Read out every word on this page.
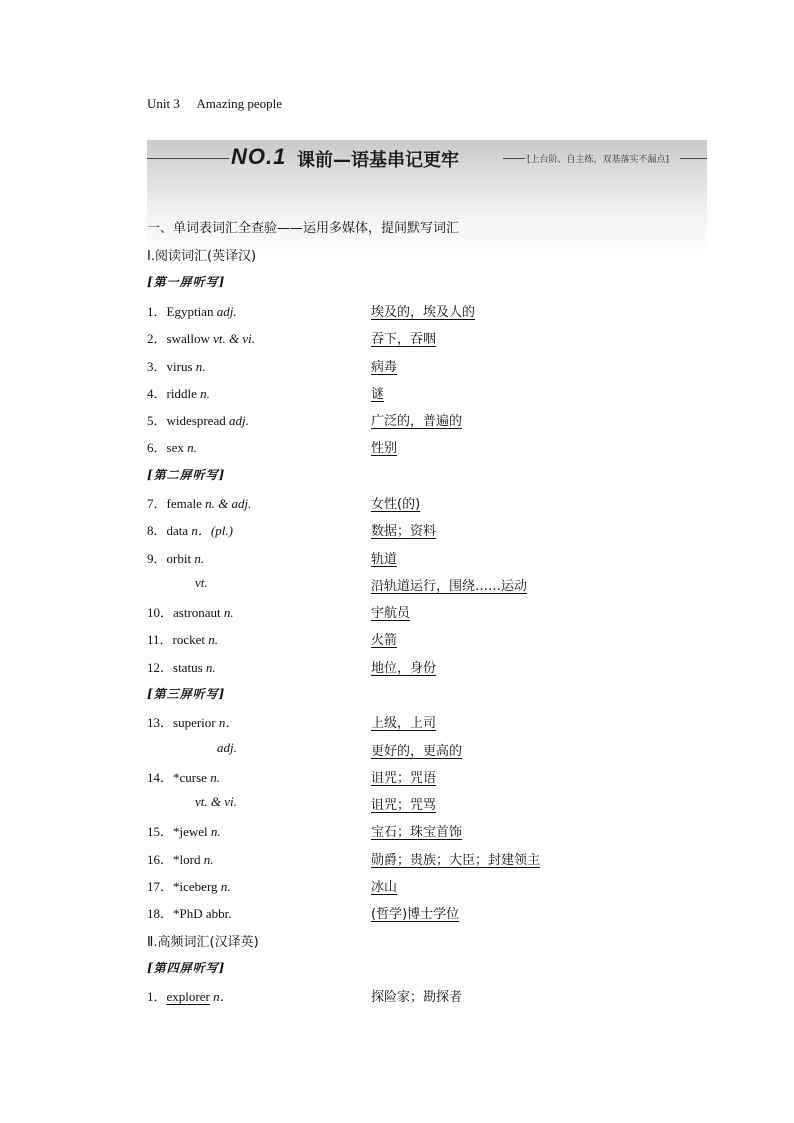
Unit 3 Amazing people
NO.1 课前—语基串记更牢	[上台阶、自主练，双基落实不漏点]
一、单词表词汇全查验——运用多媒体，提间默写词汇
Ⅰ.阅读词汇(英译汉)
[第一屏听写]
1．Egyptian adj.	埃及的，埃及人的
2．swallow vt. & vi.	吞下，吞咽
3．virus n.	病毒
4．riddle n.	谜
5．widespread adj.	广泛的，普遍的
6．sex n.	性别
7．female n. & adj.	女性(的)
8．data n．(pl.)	数据；资料
9．orbit n.	轨道
vt.	沿轨道运行，围绕……运动
10．astronaut n.	宇航员
11．rocket n.	火箭
12．status n.	地位，身份
13．superior n．	上级，上司
adj.	更好的，更高的
14．*curse n.	诅咒；咒语
vt. & vi.	诅咒；咒骂
15．*jewel n.	宝石；珠宝首饰
16．*lord n.	勋爵；贵族；大臣；封建领主
17．*iceberg n.	冰山
18．*PhD abbr.	(哲学)博士学位
[第二屏听写]
[第三屏听写]
Ⅱ.高频词汇(汉译英)
[第四屏听写]
1．explorer n．	探险家；勘探者
